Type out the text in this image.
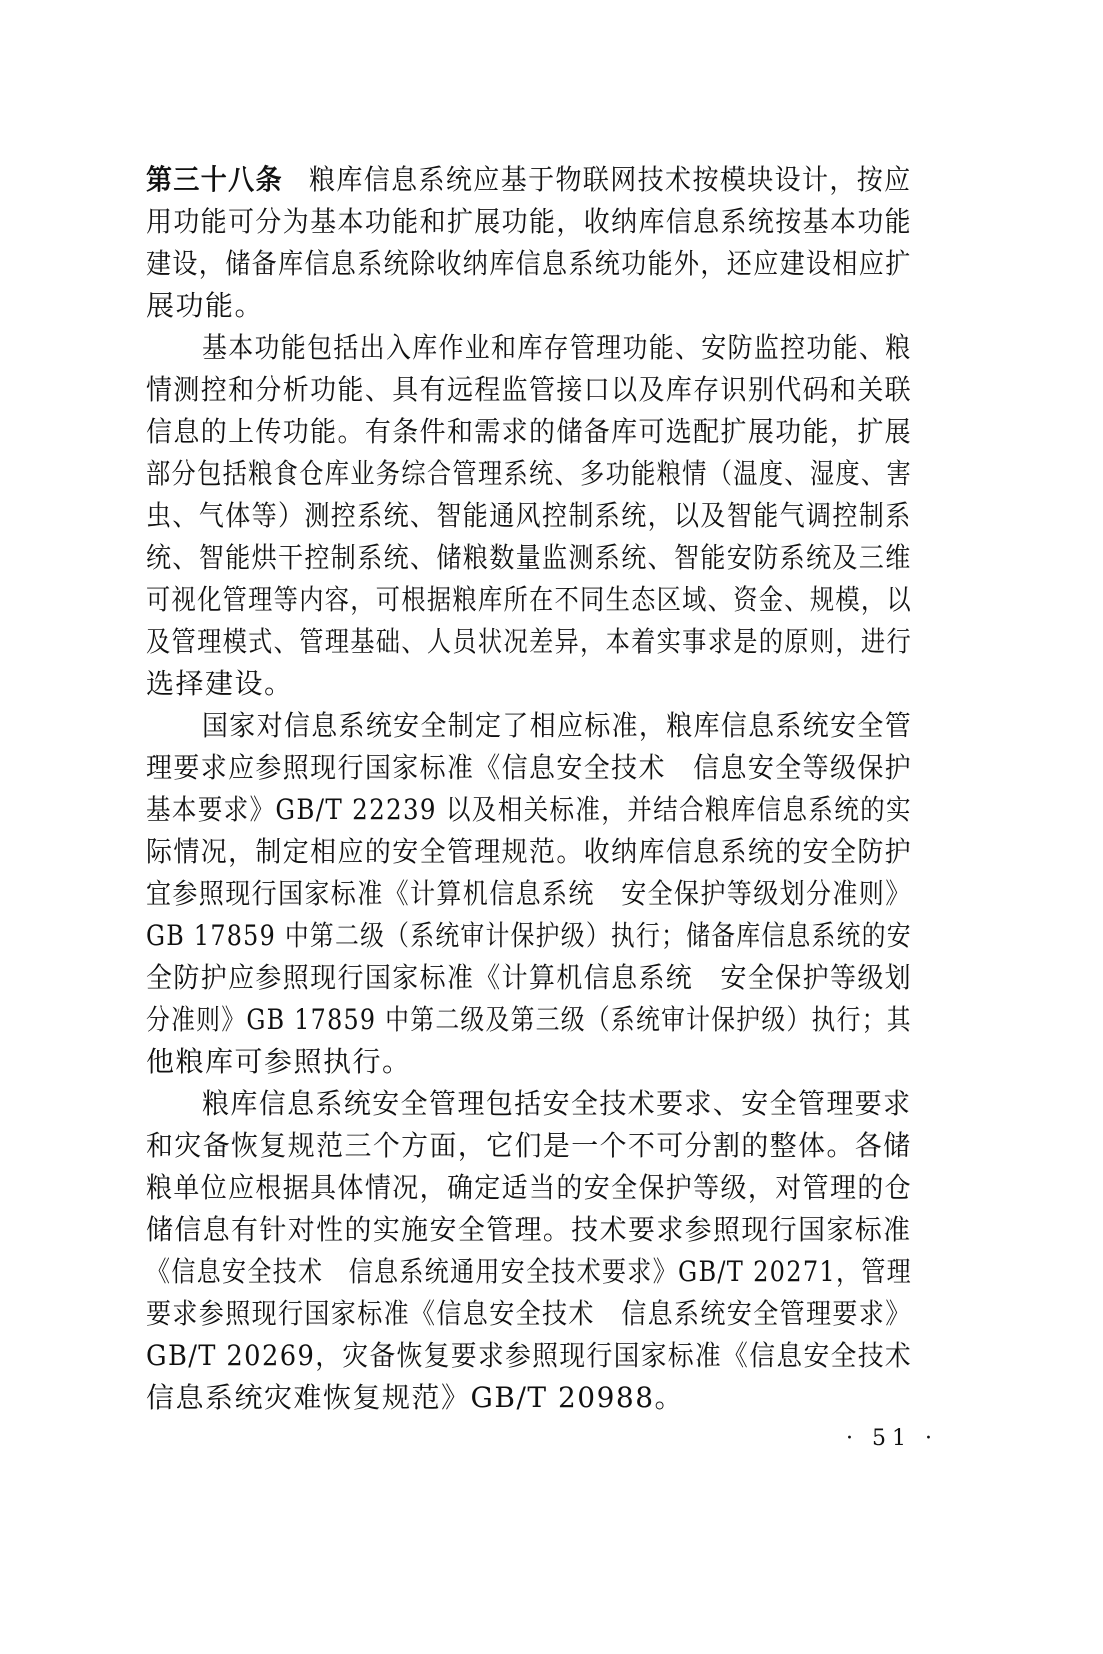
第三十八条 粮库信息系统应基于物联网技术按模块设计，按应
用功能可分为基本功能和扩展功能，收纳库信息系统按基本功能
建设，储备库信息系统除收纳库信息系统功能外，还应建设相应扩
展功能。
基本功能包括出入库作业和库存管理功能、安防监控功能、粮
情测控和分析功能、具有远程监管接口以及库存识别代码和关联
信息的上传功能。有条件和需求的储备库可选配扩展功能，扩展
部分包括粮食仓库业务综合管理系统、多功能粮情（温度、湿度、害
虫、气体等）测控系统、智能通风控制系统，以及智能气调控制系
统、智能烘干控制系统、储粮数量监测系统、智能安防系统及三维
可视化管理等内容，可根据粮库所在不同生态区域、资金、规模，以
及管理模式、管理基础、人员状况差异，本着实事求是的原则，进行
选择建设。
国家对信息系统安全制定了相应标准，粮库信息系统安全管
理要求应参照现行国家标准《信息安全技术　信息安全等级保护
基本要求》GB/T 22239 以及相关标准，并结合粮库信息系统的实
际情况，制定相应的安全管理规范。收纳库信息系统的安全防护
宜参照现行国家标准《计算机信息系统　安全保护等级划分准则》
GB 17859 中第二级（系统审计保护级）执行；储备库信息系统的安
全防护应参照现行国家标准《计算机信息系统　安全保护等级划
分准则》GB 17859 中第二级及第三级（系统审计保护级）执行；其
他粮库可参照执行。
粮库信息系统安全管理包括安全技术要求、安全管理要求
和灾备恢复规范三个方面，它们是一个不可分割的整体。各储
粮单位应根据具体情况，确定适当的安全保护等级，对管理的仓
储信息有针对性的实施安全管理。技术要求参照现行国家标准
《信息安全技术　信息系统通用安全技术要求》GB/T 20271，管理
要求参照现行国家标准《信息安全技术　信息系统安全管理要求》
GB/T 20269，灾备恢复要求参照现行国家标准《信息安全技术
信息系统灾难恢复规范》GB/T 20988。
· 51 ·
